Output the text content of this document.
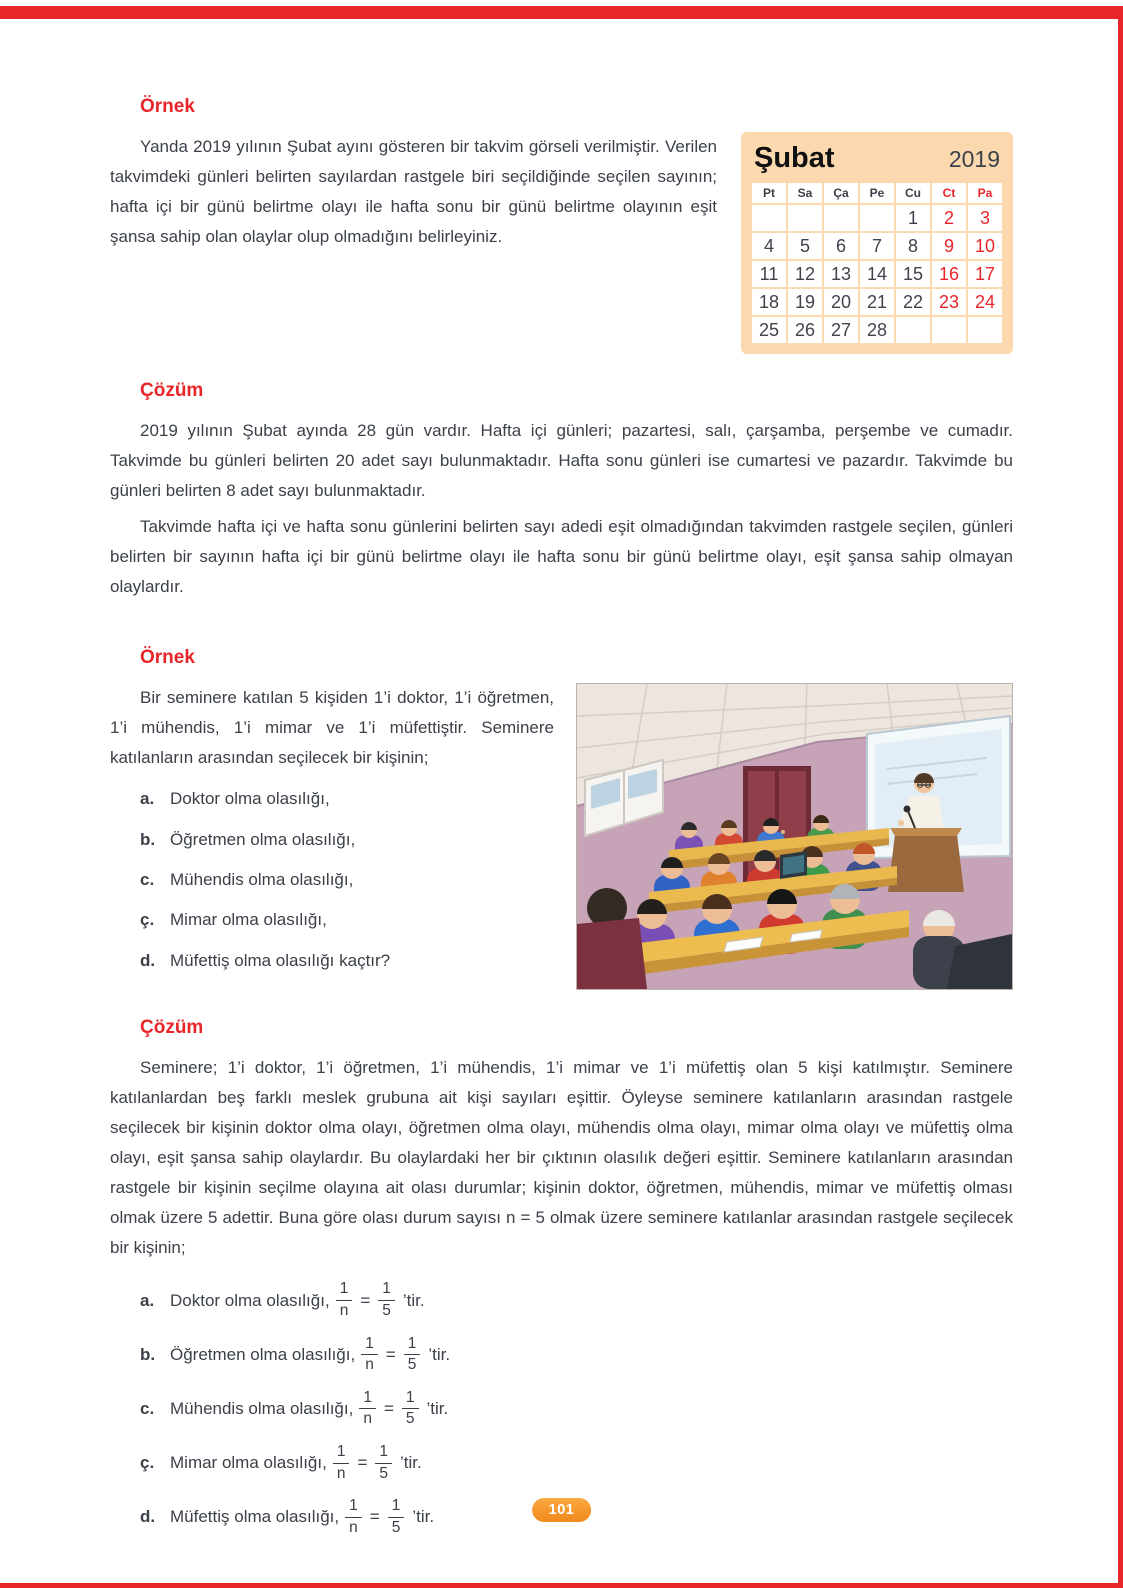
Örnek

Yanda 2019 yılının Şubat ayını gösteren bir takvim görseli verilmiştir. Verilen takvimdeki günleri belirten sayılardan rastgele biri seçildiğinde seçilen sayının; hafta içi bir günü belirtme olayı ile hafta sonu bir günü belirtme olayının eşit şansa sahip olan olaylar olup olmadığını belirleyiniz.

Şubat	2019
Pt	Sa	Ça	Pe	Cu	Ct	Pa
				1	2	3
4	5	6	7	8	9	10
11	12	13	14	15	16	17
18	19	20	21	22	23	24
25	26	27	28			
Çözüm

2019 yılının Şubat ayında 28 gün vardır. Hafta içi günleri; pazartesi, salı, çarşamba, perşembe ve cumadır. Takvimde bu günleri belirten 20 adet sayı bulunmaktadır. Hafta sonu günleri ise cumartesi ve pazardır. Takvimde bu günleri belirten 8 adet sayı bulunmaktadır.

Takvimde hafta içi ve hafta sonu günlerini belirten sayı adedi eşit olmadığından takvimden rastgele seçilen, günleri belirten bir sayının hafta içi bir günü belirtme olayı ile hafta sonu bir günü belirtme olayı, eşit şansa sahip olmayan olaylardır.

Örnek

Bir seminere katılan 5 kişiden 1’i doktor, 1’i öğretmen, 1’i mühendis, 1’i mimar ve 1’i müfettiştir. Seminere katılanların arasından seçilecek bir kişinin;

a. Doktor olma olasılığı,
b. Öğretmen olma olasılığı,
c. Mühendis olma olasılığı,
ç. Mimar olma olasılığı,
d. Müfettiş olma olasılığı kaçtır?
Çözüm

Seminere; 1’i doktor, 1’i öğretmen, 1’i mühendis, 1’i mimar ve 1’i müfettiş olan 5 kişi katılmıştır. Seminere katılanlardan beş farklı meslek grubuna ait kişi sayıları eşittir. Öyleyse seminere katılanların arasından rastgele seçilecek bir kişinin doktor olma olayı, öğretmen olma olayı, mühendis olma olayı, mimar olma olayı ve müfettiş olma olayı, eşit şansa sahip olaylardır. Bu olaylardaki her bir çıktının olasılık değeri eşittir. Seminere katılanların arasından rastgele bir kişinin seçilme olayına ait olası durumlar; kişinin doktor, öğretmen, mühendis, mimar ve müfettiş olması olmak üzere 5 adettir. Buna göre olası durum sayısı n = 5 olmak üzere seminere katılanlar arasından rastgele seçilecek bir kişinin;

a. Doktor olma olasılığı, $\frac{1}{n} = \frac{1}{5}$ ’tir.
b. Öğretmen olma olasılığı, $\frac{1}{n} = \frac{1}{5}$ ’tir.
c. Mühendis olma olasılığı, $\frac{1}{n} = \frac{1}{5}$ ’tir.
ç. Mimar olma olasılığı, $\frac{1}{n} = \frac{1}{5}$ ’tir.
d. Müfettiş olma olasılığı, $\frac{1}{n} = \frac{1}{5}$ ’tir.	101
